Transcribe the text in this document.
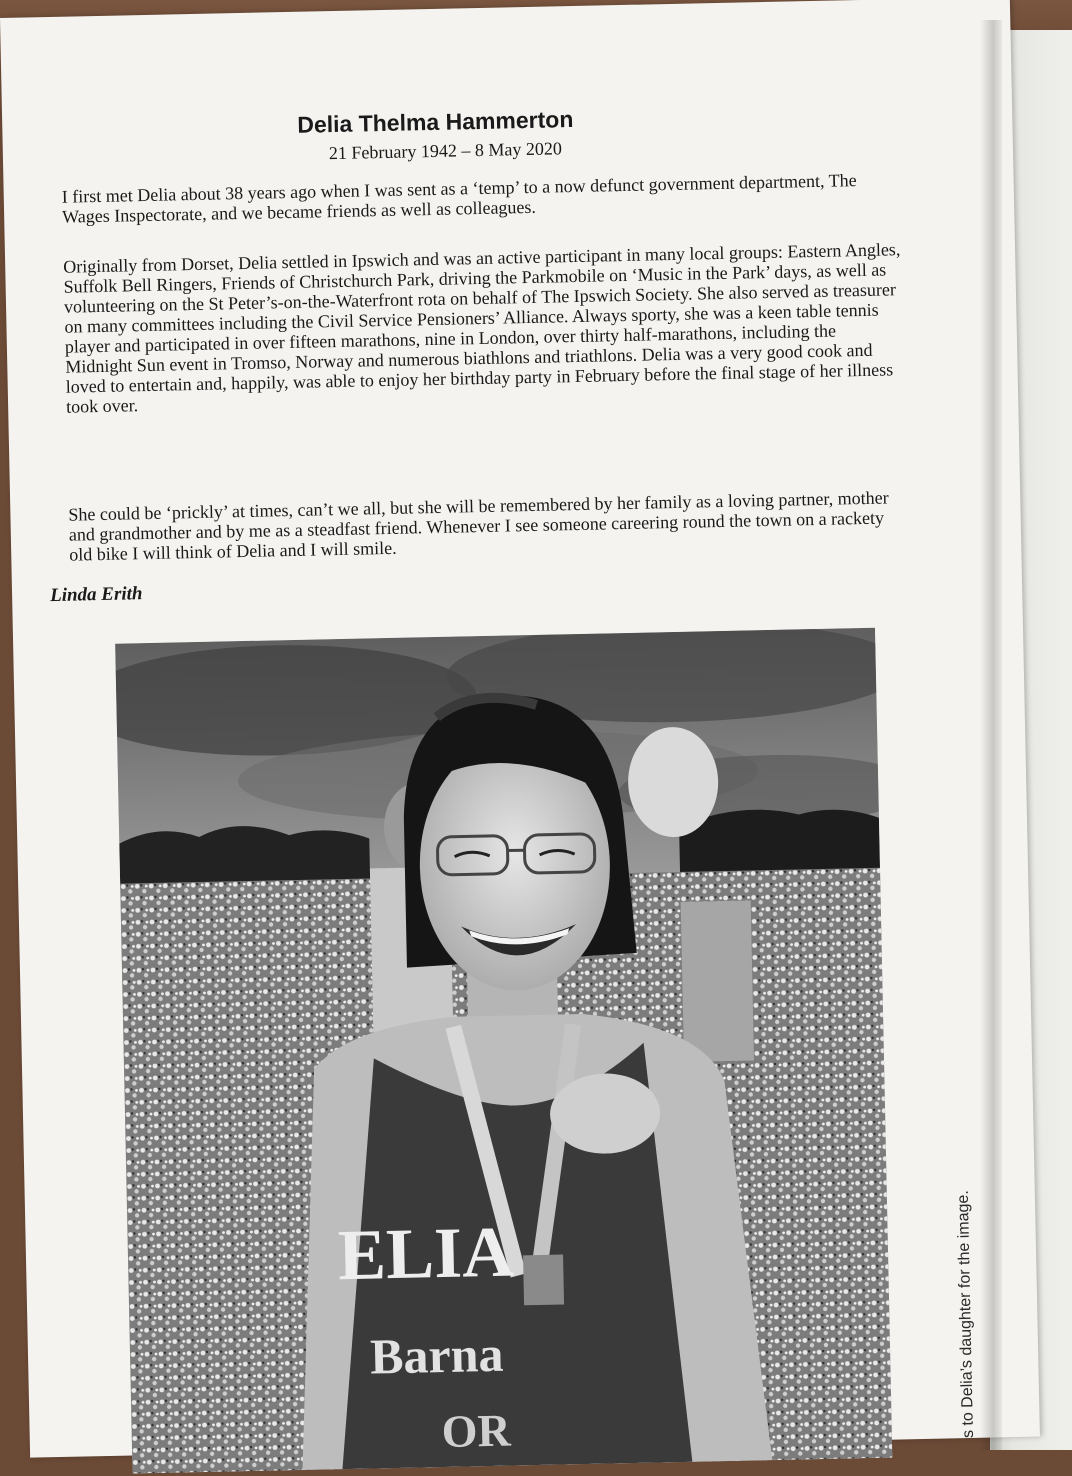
Delia Thelma Hammerton
21 February 1942 – 8 May 2020

I first met Delia about 38 years ago when I was sent as a ‘temp’ to a now defunct government department, The Wages Inspectorate, and we became friends as well as colleagues.

Originally from Dorset, Delia settled in Ipswich and was an active participant in many local groups: Eastern Angles, Suffolk Bell Ringers, Friends of Christchurch Park, driving the Parkmobile on ‘Music in the Park’ days, as well as volunteering on the St Peter’s-on-the-Waterfront rota on behalf of The Ipswich Society. She also served as treasurer on many committees including the Civil Service Pensioners’ Alliance. Always sporty, she was a keen table tennis player and participated in over fifteen marathons, nine in London, over thirty half-marathons, including the Midnight Sun event in Tromso, Norway and numerous biathlons and triathlons. Delia was a very good cook and loved to entertain and, happily, was able to enjoy her birthday party in February before the final stage of her illness took over.

She could be ‘prickly’ at times, can’t we all, but she will be remembered by her family as a loving partner, mother and grandmother and by me as a steadfast friend. Whenever I see someone careering round the town on a rackety old bike I will think of Delia and I will smile.

Linda Erith
ELIA
Barna
OR	s to Delia’s daughter for the image.
